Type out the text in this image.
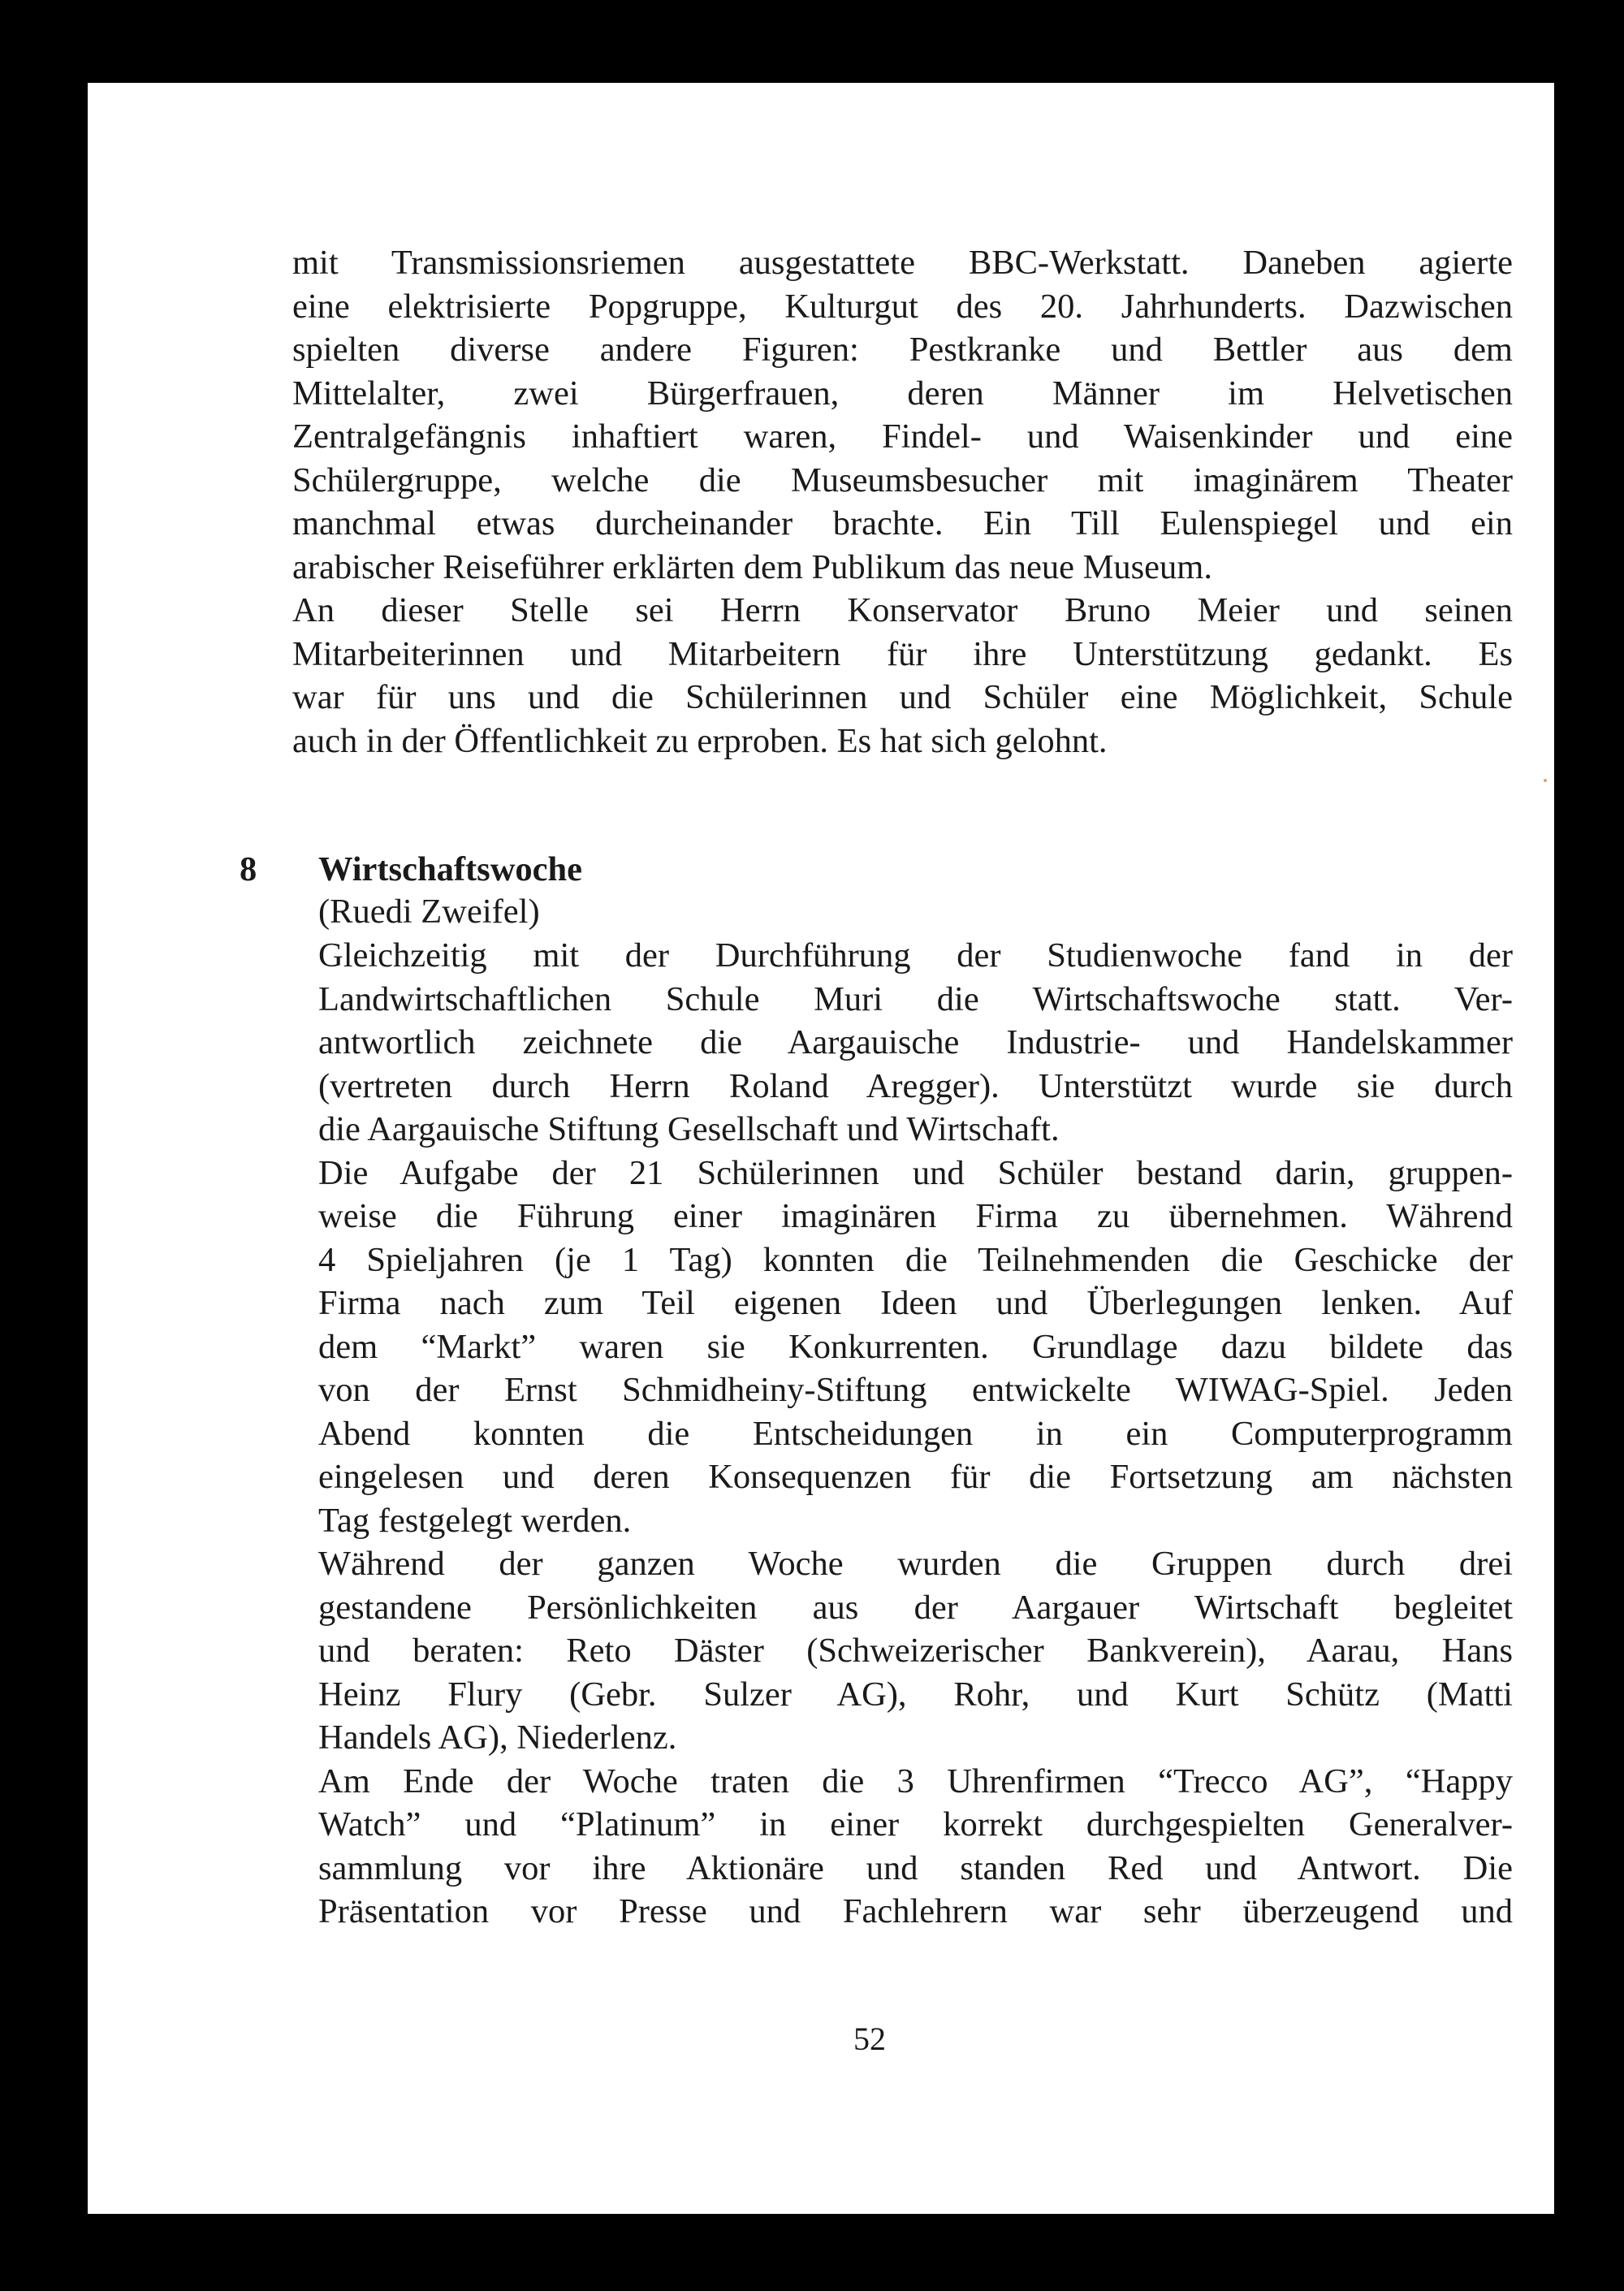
mit Transmissionsriemen ausgestattete BBC-Werkstatt. Daneben agierte
eine elektrisierte Popgruppe, Kulturgut des 20. Jahrhunderts. Dazwischen
spielten diverse andere Figuren: Pestkranke und Bettler aus dem
Mittelalter, zwei Bürgerfrauen, deren Männer im Helvetischen
Zentralgefängnis inhaftiert waren, Findel- und Waisenkinder und eine
Schülergruppe, welche die Museumsbesucher mit imaginärem Theater
manchmal etwas durcheinander brachte. Ein Till Eulenspiegel und ein
arabischer Reiseführer erklärten dem Publikum das neue Museum.
An dieser Stelle sei Herrn Konservator Bruno Meier und seinen
Mitarbeiterinnen und Mitarbeitern für ihre Unterstützung gedankt. Es
war für uns und die Schülerinnen und Schüler eine Möglichkeit, Schule
auch in der Öffentlichkeit zu erproben. Es hat sich gelohnt.
8 Wirtschaftswoche
(Ruedi Zweifel)
Gleichzeitig mit der Durchführung der Studienwoche fand in der
Landwirtschaftlichen Schule Muri die Wirtschaftswoche statt. Ver-
antwortlich zeichnete die Aargauische Industrie- und Handelskammer
(vertreten durch Herrn Roland Aregger). Unterstützt wurde sie durch
die Aargauische Stiftung Gesellschaft und Wirtschaft.
Die Aufgabe der 21 Schülerinnen und Schüler bestand darin, gruppen-
weise die Führung einer imaginären Firma zu übernehmen. Während
4 Spieljahren (je 1 Tag) konnten die Teilnehmenden die Geschicke der
Firma nach zum Teil eigenen Ideen und Überlegungen lenken. Auf
dem “Markt” waren sie Konkurrenten. Grundlage dazu bildete das
von der Ernst Schmidheiny-Stiftung entwickelte WIWAG-Spiel. Jeden
Abend konnten die Entscheidungen in ein Computerprogramm
eingelesen und deren Konsequenzen für die Fortsetzung am nächsten
Tag festgelegt werden.
Während der ganzen Woche wurden die Gruppen durch drei
gestandene Persönlichkeiten aus der Aargauer Wirtschaft begleitet
und beraten: Reto Däster (Schweizerischer Bankverein), Aarau, Hans
Heinz Flury (Gebr. Sulzer AG), Rohr, und Kurt Schütz (Matti
Handels AG), Niederlenz.
Am Ende der Woche traten die 3 Uhrenfirmen “Trecco AG”, “Happy
Watch” und “Platinum” in einer korrekt durchgespielten Generalver-
sammlung vor ihre Aktionäre und standen Red und Antwort. Die
Präsentation vor Presse und Fachlehrern war sehr überzeugend und
52
